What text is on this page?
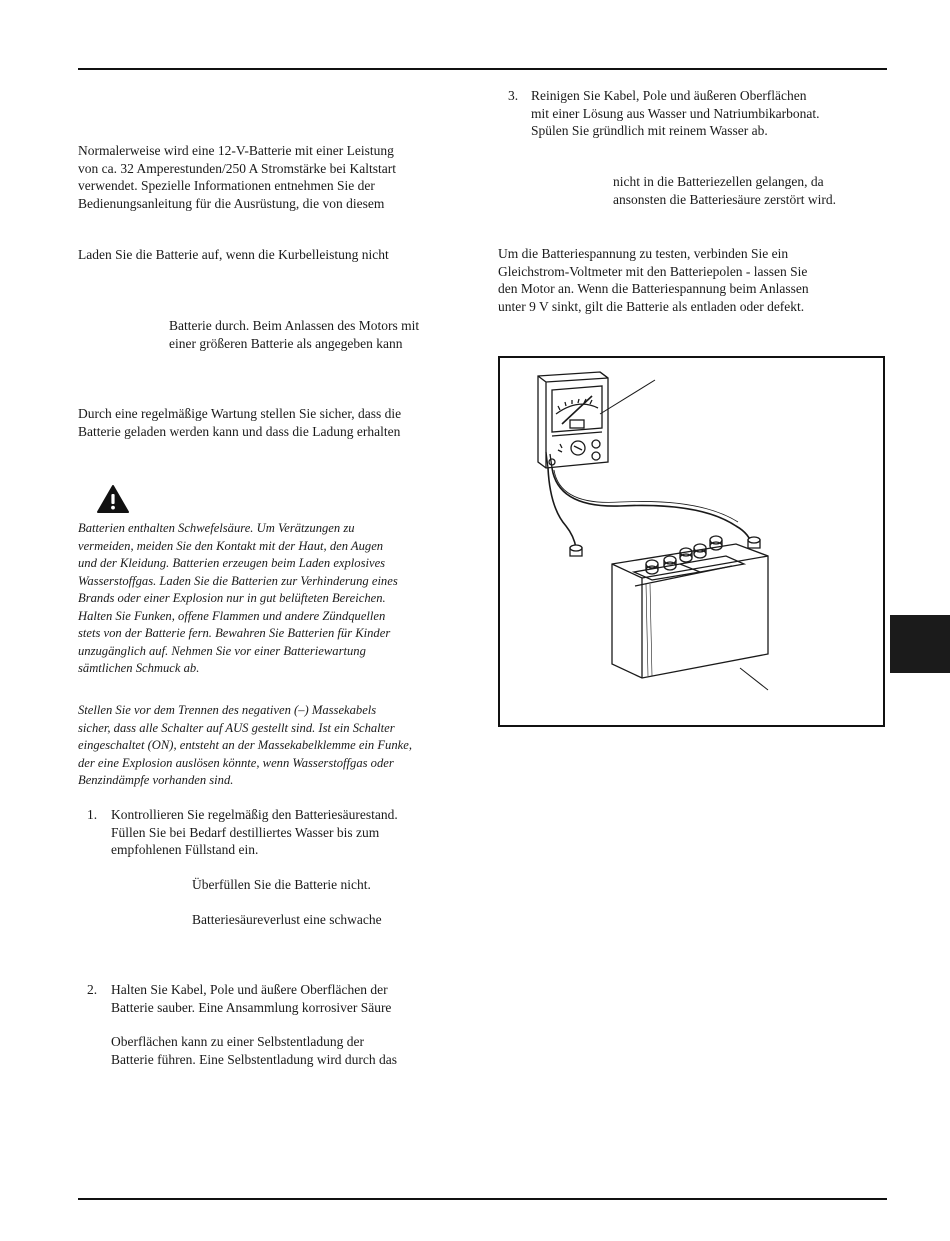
Normalerweise wird eine 12-V-Batterie mit einer Leistung
von ca. 32 Amperestunden/250 A Stromstärke bei Kaltstart
verwendet. Spezielle Informationen entnehmen Sie der
Bedienungsanleitung für die Ausrüstung, die von diesem
Laden Sie die Batterie auf, wenn die Kurbelleistung nicht
Batterie durch. Beim Anlassen des Motors mit
einer größeren Batterie als angegeben kann
Durch eine regelmäßige Wartung stellen Sie sicher, dass die
Batterie geladen werden kann und dass die Ladung erhalten
Batterien enthalten Schwefelsäure. Um Verätzungen zu
vermeiden, meiden Sie den Kontakt mit der Haut, den Augen
und der Kleidung. Batterien erzeugen beim Laden explosives
Wasserstoffgas. Laden Sie die Batterien zur Verhinderung eines
Brands oder einer Explosion nur in gut belüfteten Bereichen.
Halten Sie Funken, offene Flammen und andere Zündquellen
stets von der Batterie fern. Bewahren Sie Batterien für Kinder
unzugänglich auf. Nehmen Sie vor einer Batteriewartung
sämtlichen Schmuck ab.
Stellen Sie vor dem Trennen des negativen (–) Massekabels
sicher, dass alle Schalter auf AUS gestellt sind. Ist ein Schalter
eingeschaltet (ON), entsteht an der Massekabelklemme ein Funke,
der eine Explosion auslösen könnte, wenn Wasserstoffgas oder
Benzindämpfe vorhanden sind.
1. Kontrollieren Sie regelmäßig den Batteriesäurestand.
Füllen Sie bei Bedarf destilliertes Wasser bis zum
empfohlenen Füllstand ein.
Überfüllen Sie die Batterie nicht.
Batteriesäureverlust eine schwache
2. Halten Sie Kabel, Pole und äußere Oberflächen der
Batterie sauber. Eine Ansammlung korrosiver Säure
Oberflächen kann zu einer Selbstentladung der
Batterie führen. Eine Selbstentladung wird durch das
3. Reinigen Sie Kabel, Pole und äußeren Oberflächen
mit einer Lösung aus Wasser und Natriumbikarbonat.
Spülen Sie gründlich mit reinem Wasser ab.
nicht in die Batteriezellen gelangen, da
ansonsten die Batteriesäure zerstört wird.
Um die Batteriespannung zu testen, verbinden Sie ein
Gleichstrom-Voltmeter mit den Batteriepolen - lassen Sie
den Motor an. Wenn die Batteriespannung beim Anlassen
unter 9 V sinkt, gilt die Batterie als entladen oder defekt.
